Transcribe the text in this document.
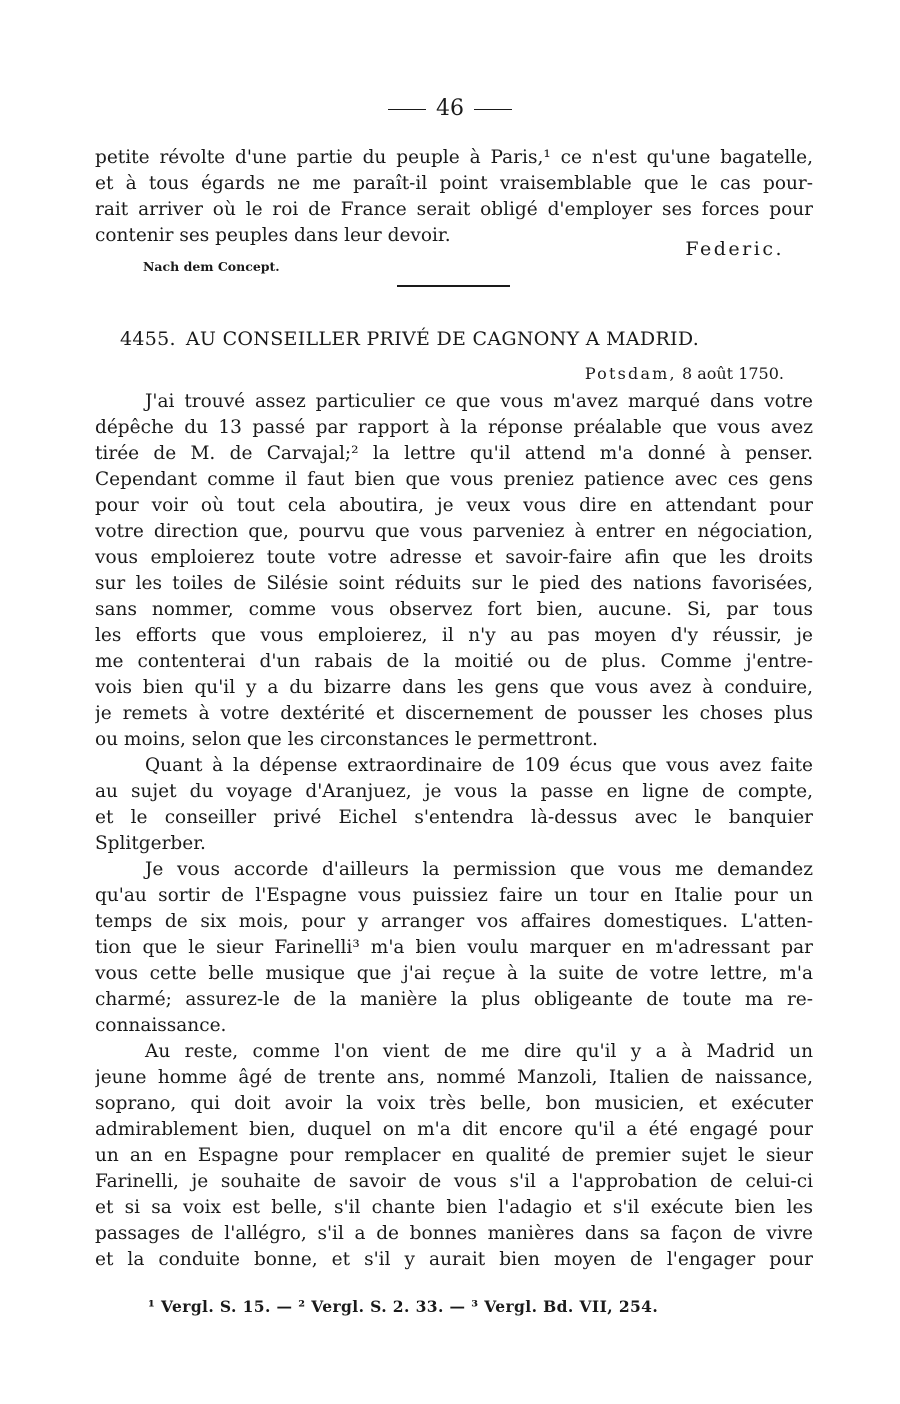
46
petite révolte d'une partie du peuple à Paris,¹ ce n'est qu'une bagatelle,
et à tous égards ne me paraît-il point vraisemblable que le cas pour-
rait arriver où le roi de France serait obligé d'employer ses forces pour
contenir ses peuples dans leur devoir.
Federic.
Nach dem Concept.
4455. AU CONSEILLER PRIVÉ DE CAGNONY A MADRID.
Potsdam, 8 août 1750.
J'ai trouvé assez particulier ce que vous m'avez marqué dans votre
dépêche du 13 passé par rapport à la réponse préalable que vous avez
tirée de M. de Carvajal;² la lettre qu'il attend m'a donné à penser.
Cependant comme il faut bien que vous preniez patience avec ces gens
pour voir où tout cela aboutira, je veux vous dire en attendant pour
votre direction que, pourvu que vous parveniez à entrer en négociation,
vous emploierez toute votre adresse et savoir-faire afin que les droits
sur les toiles de Silésie soint réduits sur le pied des nations favorisées,
sans nommer, comme vous observez fort bien, aucune. Si, par tous
les efforts que vous emploierez, il n'y au pas moyen d'y réussir, je
me contenterai d'un rabais de la moitié ou de plus. Comme j'entre-
vois bien qu'il y a du bizarre dans les gens que vous avez à conduire,
je remets à votre dextérité et discernement de pousser les choses plus
ou moins, selon que les circonstances le permettront.
Quant à la dépense extraordinaire de 109 écus que vous avez faite
au sujet du voyage d'Aranjuez, je vous la passe en ligne de compte,
et le conseiller privé Eichel s'entendra là-dessus avec le banquier
Splitgerber.
Je vous accorde d'ailleurs la permission que vous me demandez
qu'au sortir de l'Espagne vous puissiez faire un tour en Italie pour un
temps de six mois, pour y arranger vos affaires domestiques. L'atten-
tion que le sieur Farinelli³ m'a bien voulu marquer en m'adressant par
vous cette belle musique que j'ai reçue à la suite de votre lettre, m'a
charmé; assurez-le de la manière la plus obligeante de toute ma re-
connaissance.
Au reste, comme l'on vient de me dire qu'il y a à Madrid un
jeune homme âgé de trente ans, nommé Manzoli, Italien de naissance,
soprano, qui doit avoir la voix très belle, bon musicien, et exécuter
admirablement bien, duquel on m'a dit encore qu'il a été engagé pour
un an en Espagne pour remplacer en qualité de premier sujet le sieur
Farinelli, je souhaite de savoir de vous s'il a l'approbation de celui-ci
et si sa voix est belle, s'il chante bien l'adagio et s'il exécute bien les
passages de l'allégro, s'il a de bonnes manières dans sa façon de vivre
et la conduite bonne, et s'il y aurait bien moyen de l'engager pour
¹ Vergl. S. 15. — ² Vergl. S. 2. 33. — ³ Vergl. Bd. VII, 254.
